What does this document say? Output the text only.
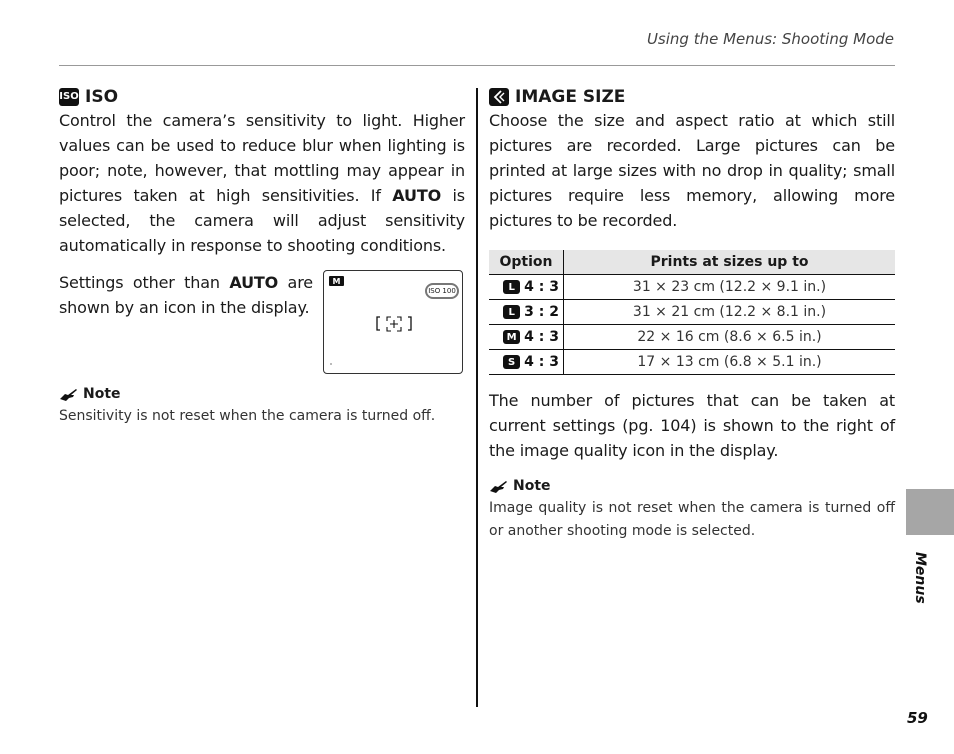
Using the Menus: Shooting Mode
ISO ISO

Control the camera’s sensitivity to light. Higher values can be used to reduce blur when lighting is poor; note, however, that mottling may appear in pictures taken at high sensitivities. If AUTO is selected, the camera will adjust sensitivity automatically in response to shooting conditions.

Settings other than AUTO are shown by an icon in the display.

M
ISO 100
Note

Sensitivity is not reset when the camera is turned off.

IMAGE SIZE

Choose the size and aspect ratio at which still pictures are recorded. Large pictures can be printed at large sizes with no drop in quality; small pictures require less memory, allowing more pictures to be recorded.

Option	Prints at sizes up to
L 4 : 3	31 × 23 cm (12.2 × 9.1 in.)
L 3 : 2	31 × 21 cm (12.2 × 8.1 in.)
M 4 : 3	22 × 16 cm (8.6 × 6.5 in.)
S 4 : 3	17 × 13 cm (6.8 × 5.1 in.)

The number of pictures that can be taken at current settings (pg. 104) is shown to the right of the image quality icon in the display.

Note

Image quality is not reset when the camera is turned off or another shooting mode is selected.

Menus
59
